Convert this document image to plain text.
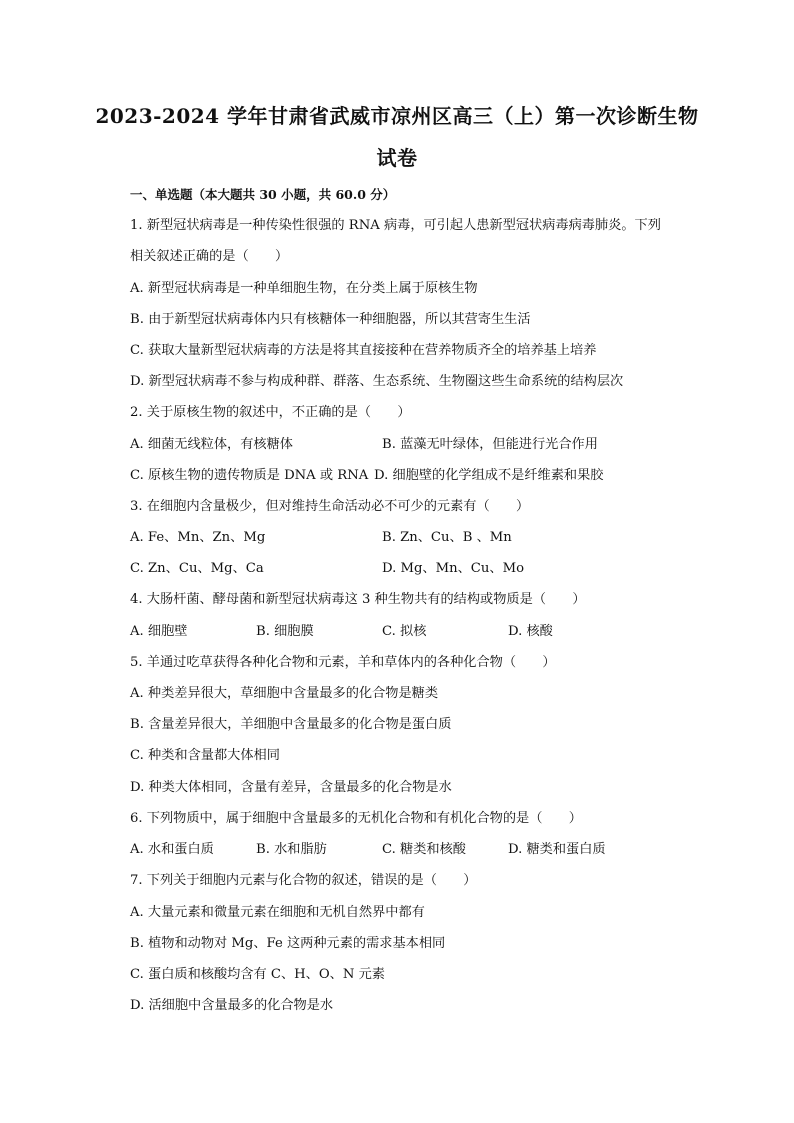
2023-2024 学年甘肃省武威市凉州区高三（上）第一次诊断生物
试卷
一、单选题（本大题共 30 小题，共 60.0 分）
1. 新型冠状病毒是一种传染性很强的 RNA 病毒，可引起人患新型冠状病毒病毒肺炎。下列
相关叙述正确的是（　　）
A. 新型冠状病毒是一种单细胞生物，在分类上属于原核生物
B. 由于新型冠状病毒体内只有核糖体一种细胞器，所以其营寄生生活
C. 获取大量新型冠状病毒的方法是将其直接接种在营养物质齐全的培养基上培养
D. 新型冠状病毒不参与构成种群、群落、生态系统、生物圈这些生命系统的结构层次
2. 关于原核生物的叙述中，不正确的是（　　）
A. 细菌无线粒体，有核糖体	B. 蓝藻无叶绿体，但能进行光合作用
C. 原核生物的遗传物质是 DNA 或 RNA D. 细胞壁的化学组成不是纤维素和果胶
3. 在细胞内含量极少，但对维持生命活动必不可少的元素有（　　）
A. Fe、Mn、Zn、Mg	B. Zn、Cu、B 、Mn
C. Zn、Cu、Mg、Ca	D. Mg、Mn、Cu、Mo
4. 大肠杆菌、酵母菌和新型冠状病毒这 3 种生物共有的结构或物质是（　　）
A. 细胞壁	B. 细胞膜	C. 拟核	D. 核酸
5. 羊通过吃草获得各种化合物和元素，羊和草体内的各种化合物（　　）
A. 种类差异很大，草细胞中含量最多的化合物是糖类
B. 含量差异很大，羊细胞中含量最多的化合物是蛋白质
C. 种类和含量都大体相同
D. 种类大体相同，含量有差异，含量最多的化合物是水
6. 下列物质中，属于细胞中含量最多的无机化合物和有机化合物的是（　　）
A. 水和蛋白质	B. 水和脂肪	C. 糖类和核酸	D. 糖类和蛋白质
7. 下列关于细胞内元素与化合物的叙述，错误的是（　　）
A. 大量元素和微量元素在细胞和无机自然界中都有
B. 植物和动物对 Mg、Fe 这两种元素的需求基本相同
C. 蛋白质和核酸均含有 C、H、O、N 元素
D. 活细胞中含量最多的化合物是水
